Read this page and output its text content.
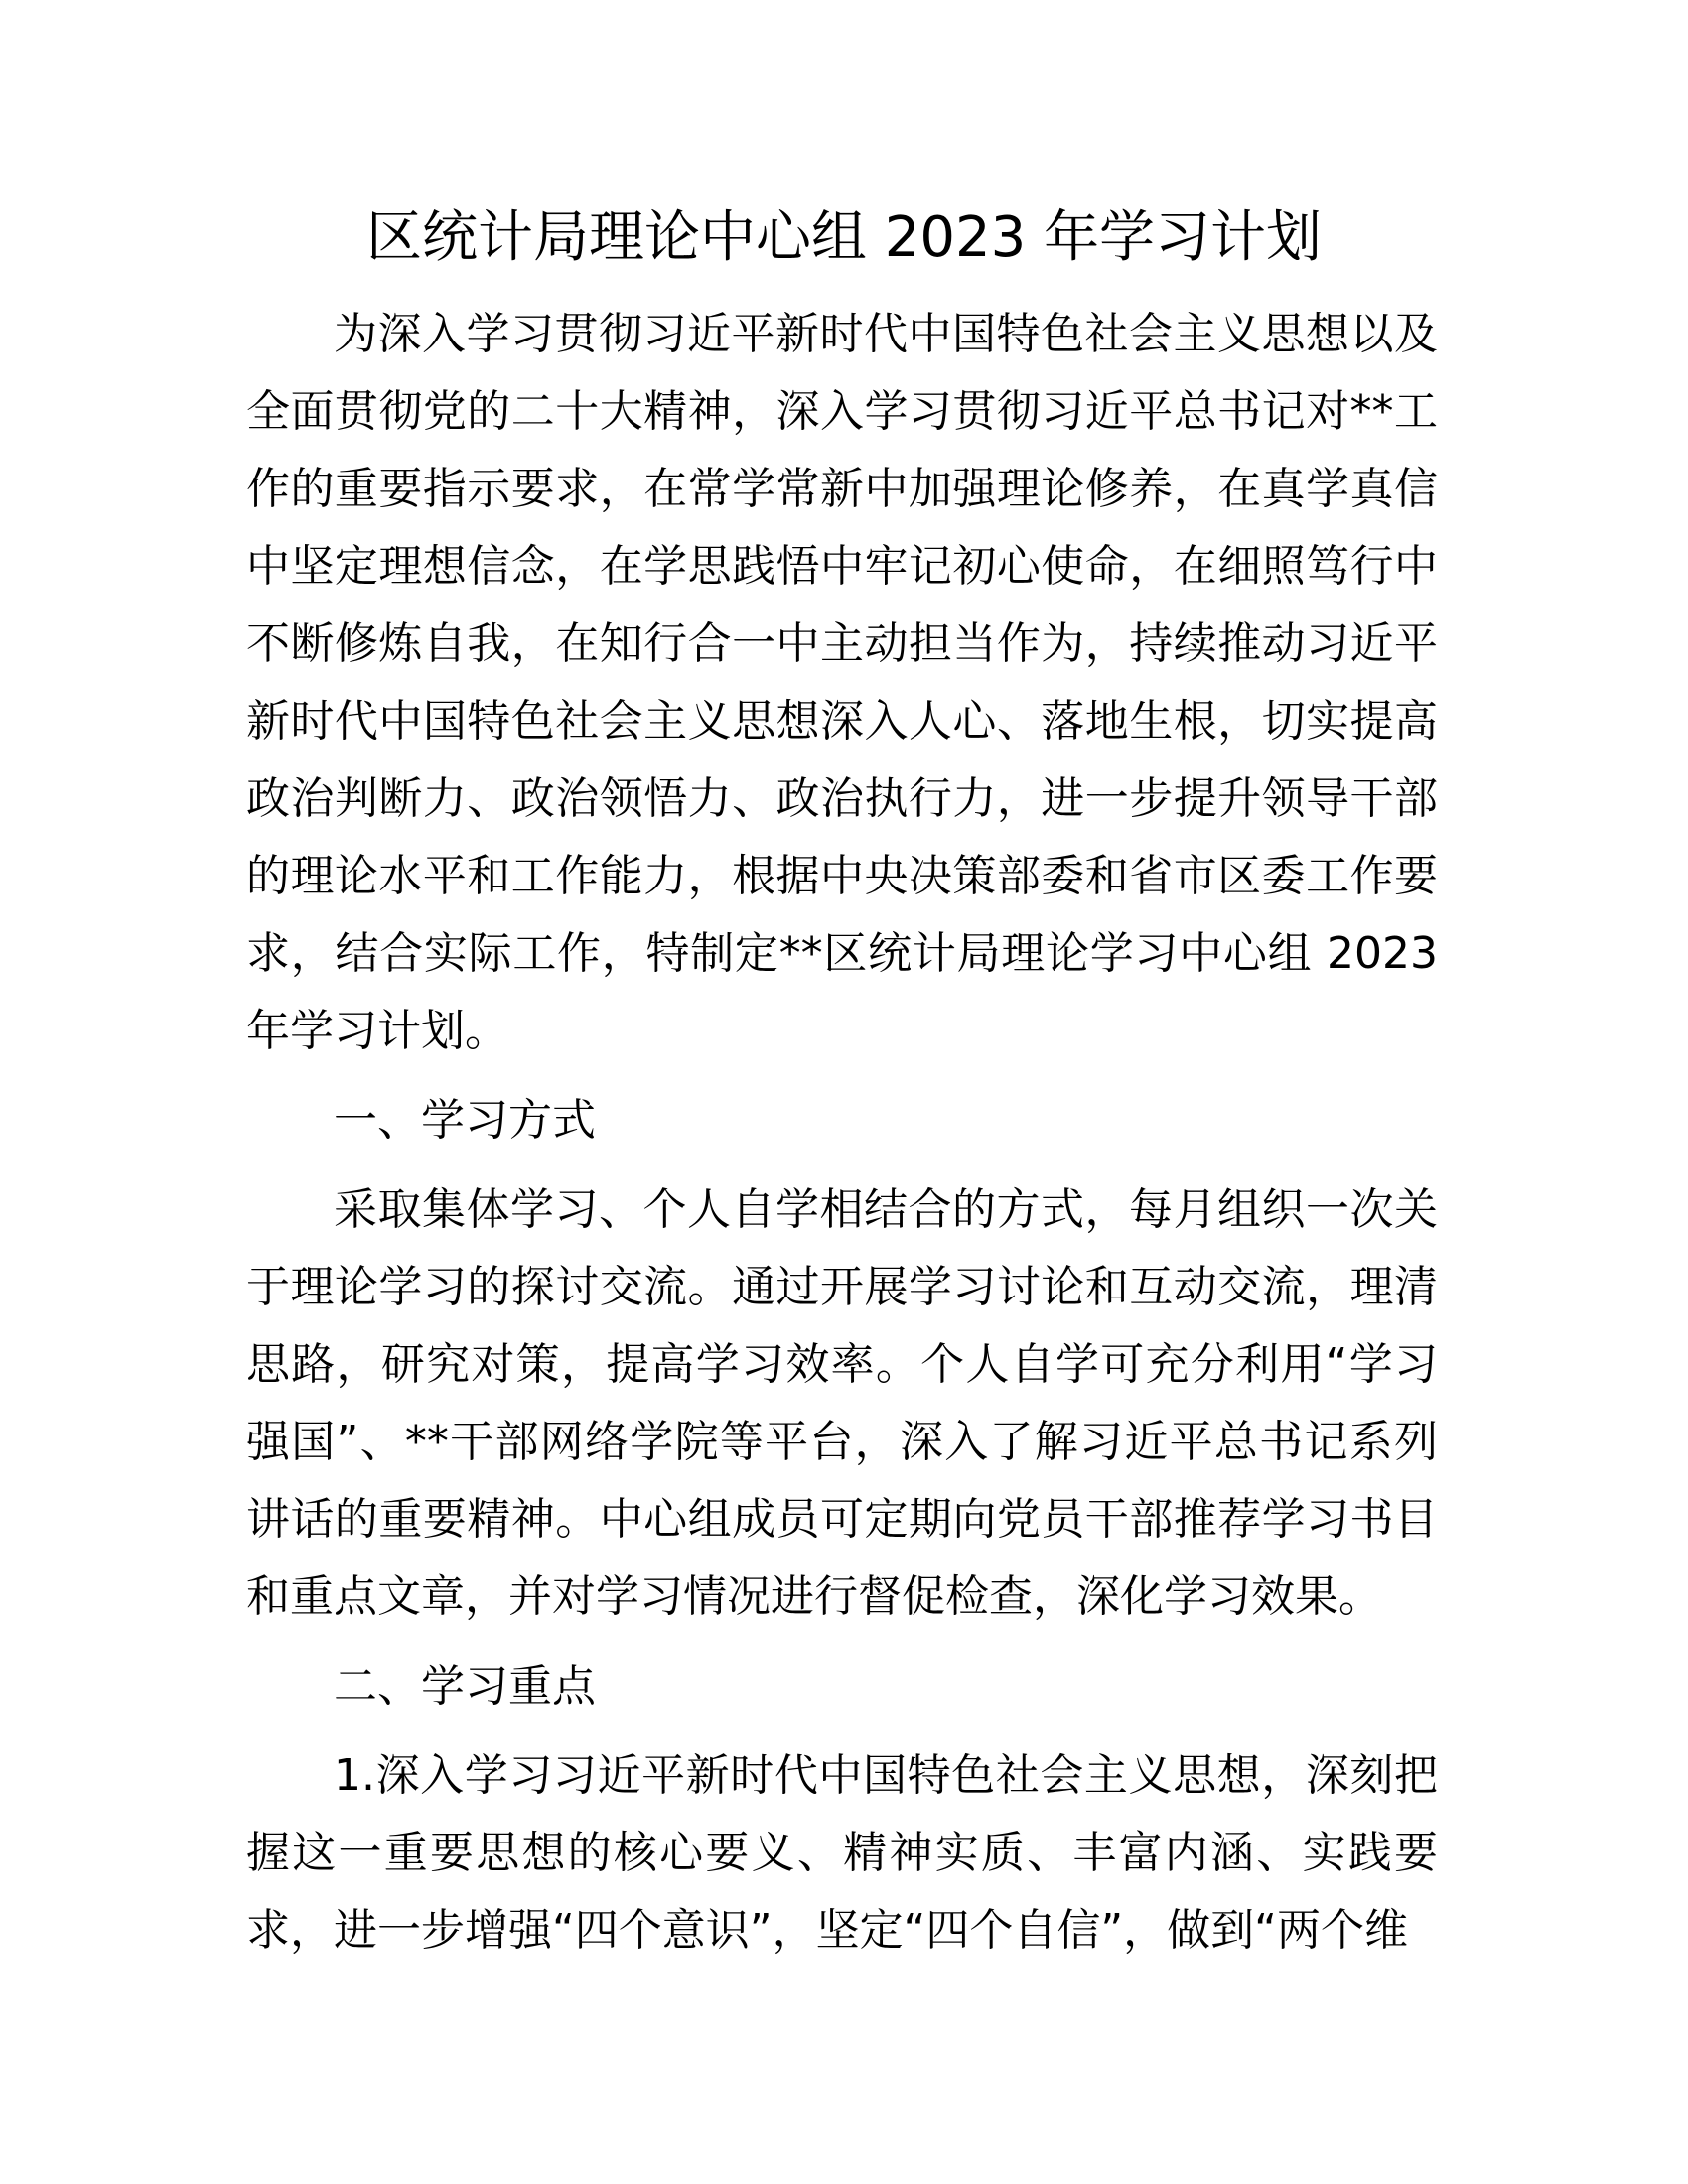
区统计局理论中心组 2023 年学习计划

为深入学习贯彻习近平新时代中国特色社会主义思想以及全面贯彻党的二十大精神，深入学习贯彻习近平总书记对**工作的重要指示要求，在常学常新中加强理论修养，在真学真信中坚定理想信念，在学思践悟中牢记初心使命，在细照笃行中不断修炼自我，在知行合一中主动担当作为，持续推动习近平新时代中国特色社会主义思想深入人心、落地生根，切实提高政治判断力、政治领悟力、政治执行力，进一步提升领导干部的理论水平和工作能力，根据中央决策部委和省市区委工作要求，结合实际工作，特制定**区统计局理论学习中心组 2023 年学习计划。

一、学习方式

采取集体学习、个人自学相结合的方式，每月组织一次关于理论学习的探讨交流。通过开展学习讨论和互动交流，理清思路，研究对策，提高学习效率。个人自学可充分利用“学习强国”、**干部网络学院等平台，深入了解习近平总书记系列讲话的重要精神。中心组成员可定期向党员干部推荐学习书目和重点文章，并对学习情况进行督促检查，深化学习效果。

二、学习重点

1.深入学习习近平新时代中国特色社会主义思想，深刻把握这一重要思想的核心要义、精神实质、丰富内涵、实践要求，进一步增强“四个意识”，坚定“四个自信”，做到“两个维
